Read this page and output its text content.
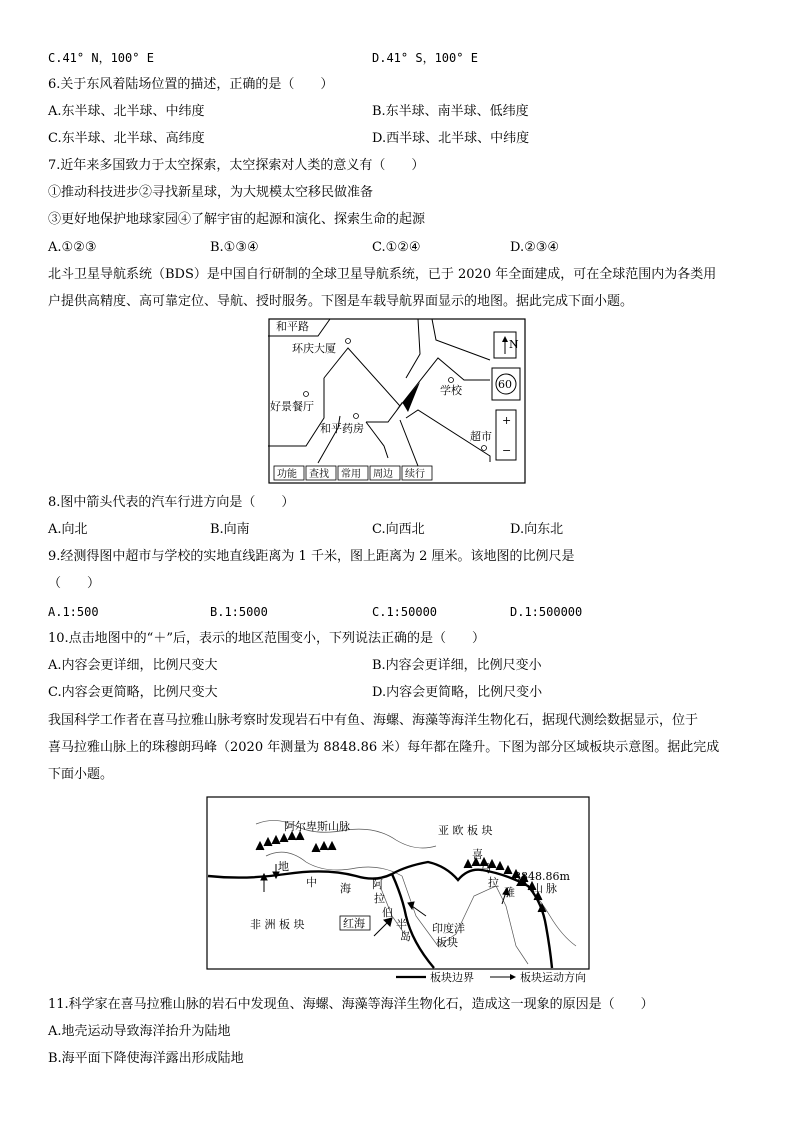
C.41° N，100° E	D.41° S，100° E
6.关于东风着陆场位置的描述，正确的是（　　）
A.东半球、北半球、中纬度	B.东半球、南半球、低纬度
C.东半球、北半球、高纬度	D.西半球、北半球、中纬度
7.近年来多国致力于太空探索，太空探索对人类的意义有（　　）
①推动科技进步②寻找新星球，为大规模太空移民做准备
③更好地保护地球家园④了解宇宙的起源和演化、探索生命的起源
A.①②③	B.①③④	C.①②④	D.②③④
北斗卫星导航系统（BDS）是中国自行研制的全球卫星导航系统，已于 2020 年全面建成，可在全球范围内为各类用
户提供高精度、高可靠定位、导航、授时服务。下图是车载导航界面显示的地图。据此完成下面小题。
和平路
环庆大厦
好景餐厅
和平药房
学校
超市
N
60
+
−
功能 查找 常用 周边 续行
8.图中箭头代表的汽车行进方向是（　　）
A.向北	B.向南	C.向西北	D.向东北
9.经测得图中超市与学校的实地直线距离为 1 千米，图上距离为 2 厘米。该地图的比例尺是
（　　）
A.1:500	B.1:5000	C.1:50000	D.1:500000
10.点击地图中的“＋”后，表示的地区范围变小，下列说法正确的是（　　）
A.内容会更详细，比例尺变大	B.内容会更详细，比例尺变小
C.内容会更简略，比例尺变大	D.内容会更简略，比例尺变小
我国科学工作者在喜马拉雅山脉考察时发现岩石中有鱼、海螺、海藻等海洋生物化石，据现代测绘数据显示，位于
喜马拉雅山脉上的珠穆朗玛峰（2020 年测量为 8848.86 米）每年都在隆升。下图为部分区域板块示意图。据此完成
下面小题。
亚 欧 板 块
非 洲 板 块
阿尔卑斯山脉
地
中 海
红海
阿
拉
伯
半
岛
印度洋
板块
喜
马
拉
雅
8848.86m
山 脉
板块边界	板块运动方向
11.科学家在喜马拉雅山脉的岩石中发现鱼、海螺、海藻等海洋生物化石，造成这一现象的原因是（　　）
A.地壳运动导致海洋抬升为陆地
B.海平面下降使海洋露出形成陆地
